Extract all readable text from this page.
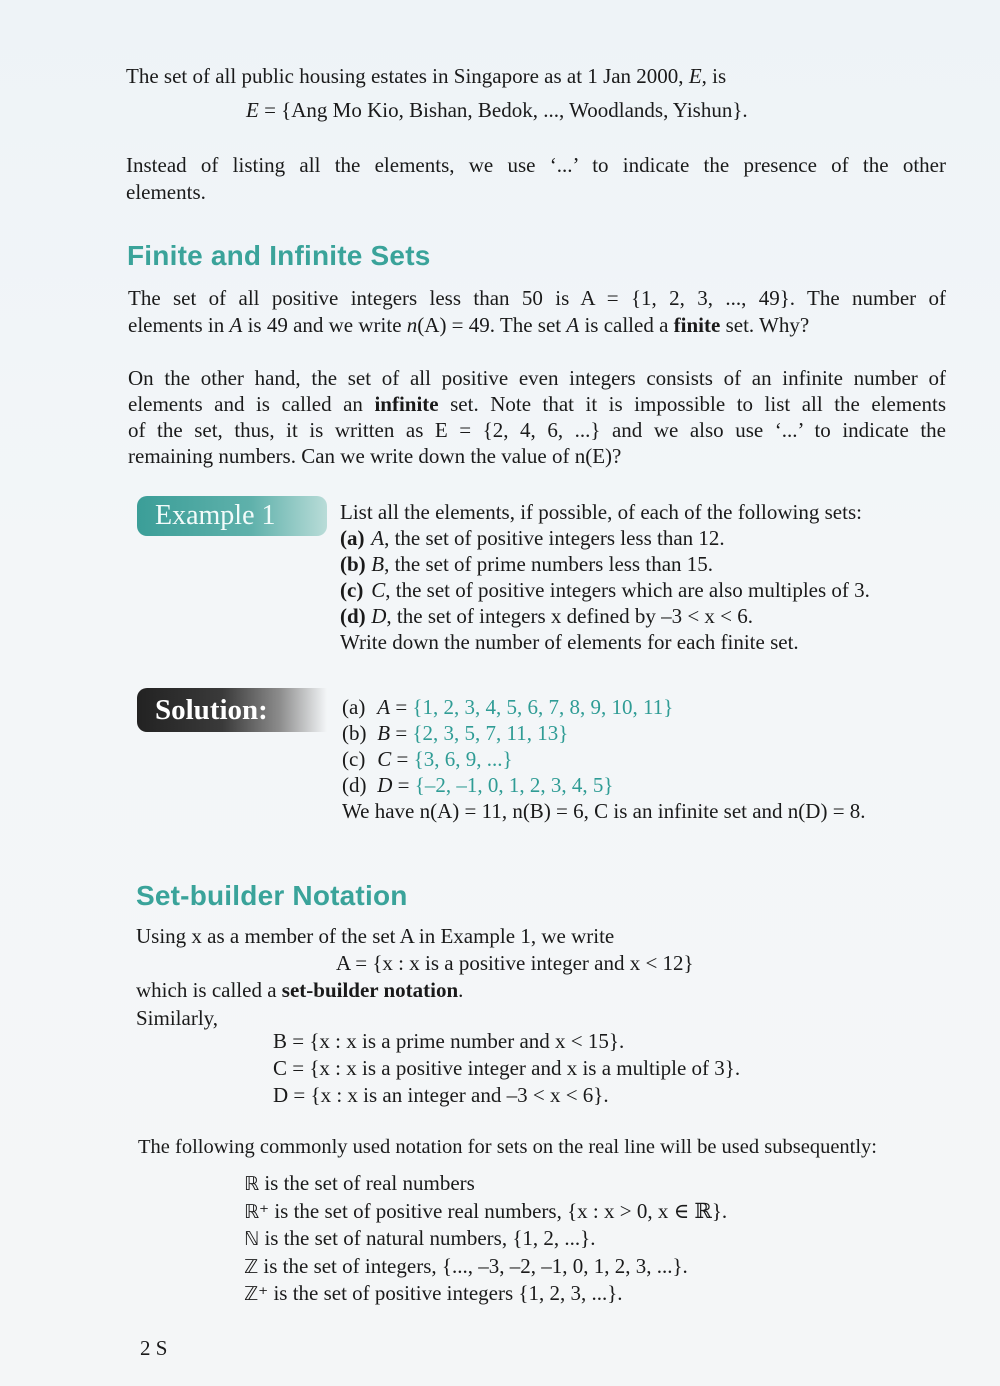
The set of all public housing estates in Singapore as at 1 Jan 2000, E, is
E = {Ang Mo Kio, Bishan, Bedok, ..., Woodlands, Yishun}.
Instead of listing all the elements, we use ‘...’ to indicate the presence of the other
elements.
Finite and Infinite Sets
The set of all positive integers less than 50 is A = {1, 2, 3, ..., 49}. The number of
elements in A is 49 and we write n(A) = 49. The set A is called a finite set. Why?
On the other hand, the set of all positive even integers consists of an infinite number of
elements and is called an infinite set. Note that it is impossible to list all the elements
of the set, thus, it is written as E = {2, 4, 6, ...} and we also use ‘...’ to indicate the
remaining numbers. Can we write down the value of n(E)?
Example 1	List all the elements, if possible, of each of the following sets:
(a) A, the set of positive integers less than 12.
(b) B, the set of prime numbers less than 15.
(c) C, the set of positive integers which are also multiples of 3.
(d) D, the set of integers x defined by –3 < x < 6.
Write down the number of elements for each finite set.
Solution:	(a) A = {1, 2, 3, 4, 5, 6, 7, 8, 9, 10, 11}
(b) B = {2, 3, 5, 7, 11, 13}
(c) C = {3, 6, 9, ...}
(d) D = {–2, –1, 0, 1, 2, 3, 4, 5}
We have n(A) = 11, n(B) = 6, C is an infinite set and n(D) = 8.
Set-builder Notation
Using x as a member of the set A in Example 1, we write
A = {x : x is a positive integer and x < 12}
which is called a set-builder notation.
Similarly,
B = {x : x is a prime number and x < 15}.
C = {x : x is a positive integer and x is a multiple of 3}.
D = {x : x is an integer and –3 < x < 6}.
The following commonly used notation for sets on the real line will be used subsequently:
ℝ is the set of real numbers
ℝ⁺ is the set of positive real numbers, {x : x > 0, x ∈ ℝ}.
ℕ is the set of natural numbers, {1, 2, ...}.
ℤ is the set of integers, {..., –3, –2, –1, 0, 1, 2, 3, ...}.
ℤ⁺ is the set of positive integers {1, 2, 3, ...}.
2 S
